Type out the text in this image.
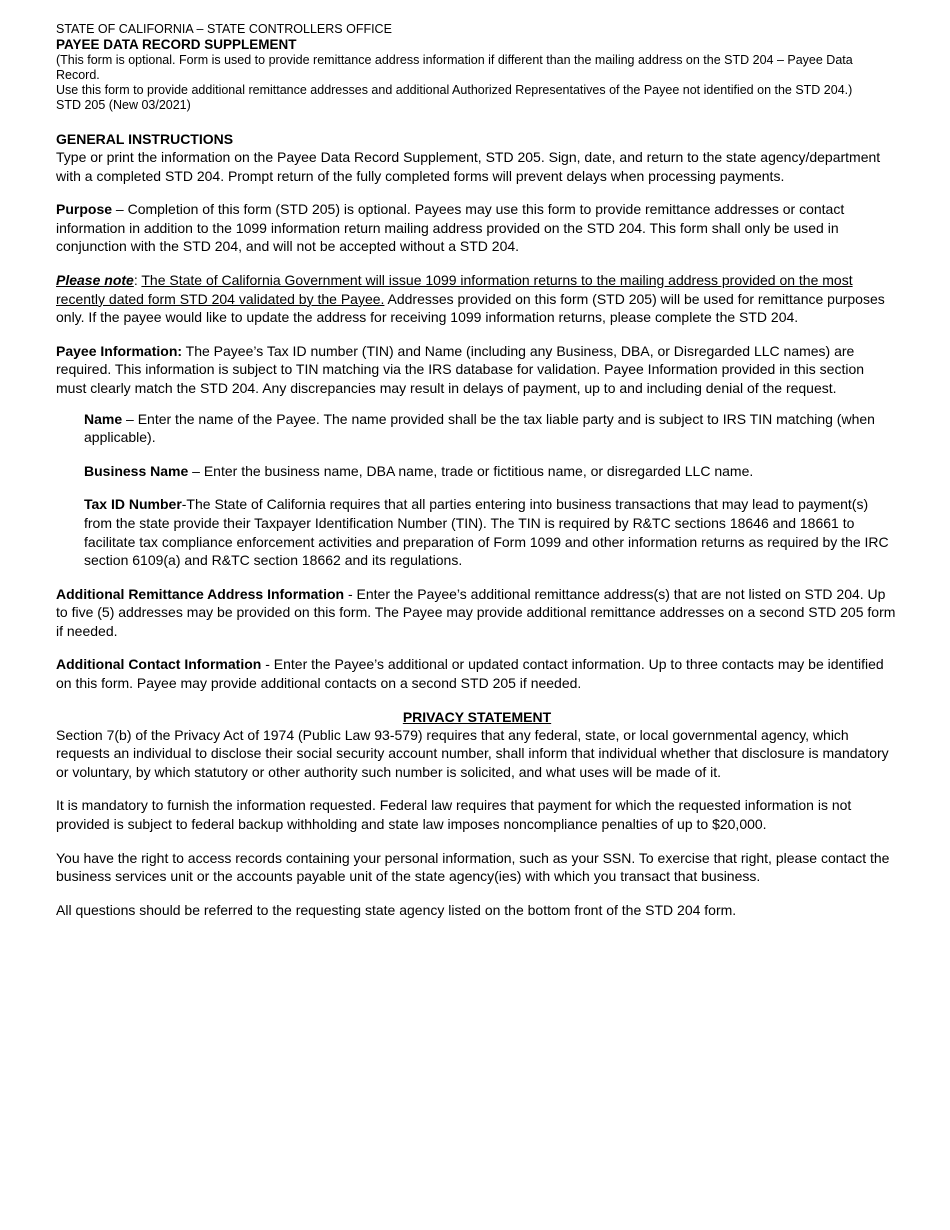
STATE OF CALIFORNIA – STATE CONTROLLERS OFFICE
PAYEE DATA RECORD SUPPLEMENT
(This form is optional. Form is used to provide remittance address information if different than the mailing address on the STD 204 – Payee Data Record.
Use this form to provide additional remittance addresses and additional Authorized Representatives of the Payee not identified on the STD 204.)
STD 205 (New 03/2021)
GENERAL INSTRUCTIONS

Type or print the information on the Payee Data Record Supplement, STD 205. Sign, date, and return to the state agency/department with a completed STD 204. Prompt return of the fully completed forms will prevent delays when processing payments.

Purpose – Completion of this form (STD 205) is optional. Payees may use this form to provide remittance addresses or contact information in addition to the 1099 information return mailing address provided on the STD 204. This form shall only be used in conjunction with the STD 204, and will not be accepted without a STD 204.

Please note: The State of California Government will issue 1099 information returns to the mailing address provided on the most recently dated form STD 204 validated by the Payee. Addresses provided on this form (STD 205) will be used for remittance purposes only. If the payee would like to update the address for receiving 1099 information returns, please complete the STD 204.

Payee Information: The Payee’s Tax ID number (TIN) and Name (including any Business, DBA, or Disregarded LLC names) are required. This information is subject to TIN matching via the IRS database for validation. Payee Information provided in this section must clearly match the STD 204. Any discrepancies may result in delays of payment, up to and including denial of the request.

Name – Enter the name of the Payee. The name provided shall be the tax liable party and is subject to IRS TIN matching (when applicable).

Business Name – Enter the business name, DBA name, trade or fictitious name, or disregarded LLC name.

Tax ID Number-The State of California requires that all parties entering into business transactions that may lead to payment(s) from the state provide their Taxpayer Identification Number (TIN). The TIN is required by R&TC sections 18646 and 18661 to facilitate tax compliance enforcement activities and preparation of Form 1099 and other information returns as required by the IRC section 6109(a) and R&TC section 18662 and its regulations.

Additional Remittance Address Information - Enter the Payee’s additional remittance address(s) that are not listed on STD 204. Up to five (5) addresses may be provided on this form. The Payee may provide additional remittance addresses on a second STD 205 form if needed.

Additional Contact Information - Enter the Payee’s additional or updated contact information. Up to three contacts may be identified on this form. Payee may provide additional contacts on a second STD 205 if needed.

PRIVACY STATEMENT

Section 7(b) of the Privacy Act of 1974 (Public Law 93-579) requires that any federal, state, or local governmental agency, which requests an individual to disclose their social security account number, shall inform that individual whether that disclosure is mandatory or voluntary, by which statutory or other authority such number is solicited, and what uses will be made of it.

It is mandatory to furnish the information requested. Federal law requires that payment for which the requested information is not provided is subject to federal backup withholding and state law imposes noncompliance penalties of up to $20,000.

You have the right to access records containing your personal information, such as your SSN. To exercise that right, please contact the business services unit or the accounts payable unit of the state agency(ies) with which you transact that business.

All questions should be referred to the requesting state agency listed on the bottom front of the STD 204 form.
